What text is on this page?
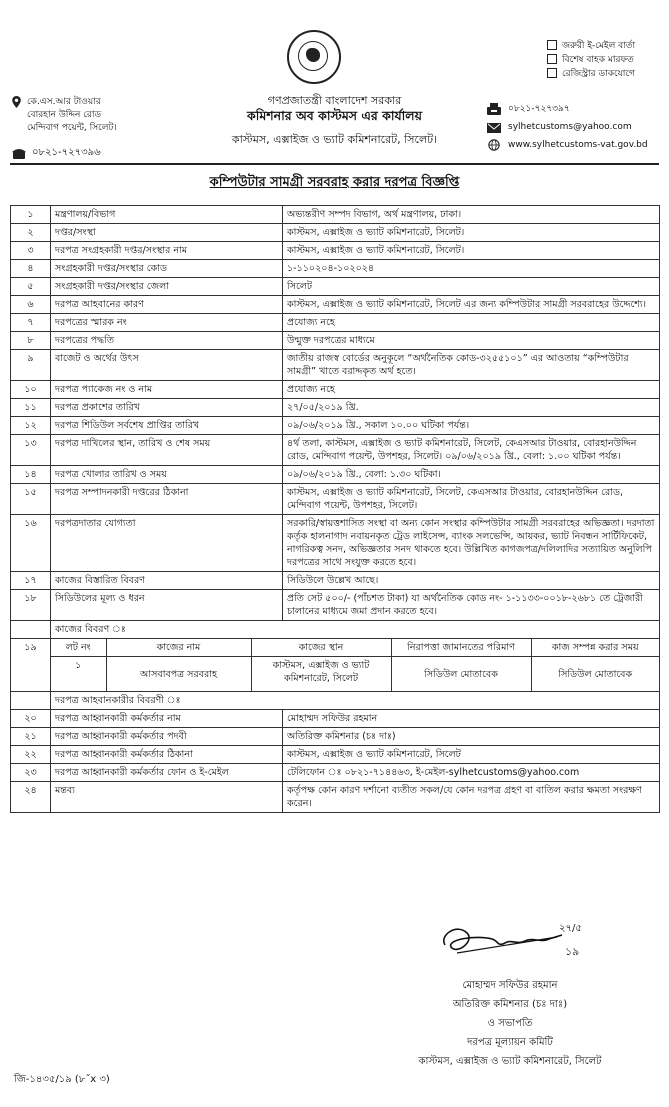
জরুরী ই-মেইল বার্তা
বিশেষ বাহক মারফত
রেজিস্ট্রার ডাকযোগে
গণপ্রজাতন্ত্রী বাংলাদেশ সরকার
কমিশনার অব কাস্টমস এর কার্যালয়
কাস্টমস, এক্সাইজ ও ভ্যাট কমিশনারেট, সিলেট।
কে.এস.আর টাওয়ার
বোরহান উদ্দিন রোড
মেন্দিবাগ পয়েন্ট, সিলেট।
০৮২১-৭২৭৩৯৬
০৮২১-৭২৭৩৯৭
sylhetcustoms@yahoo.com
www.sylhetcustoms-vat.gov.bd
কম্পিউটার সামগ্রী সরবরাহ করার দরপত্র বিজ্ঞপ্তি
১	মন্ত্রণালয়/বিভাগ	অভ্যন্তরীণ সম্পদ বিভাগ, অর্থ মন্ত্রণালয়, ঢাকা।
২	দপ্তর/সংস্থা	কাস্টমস, এক্সাইজ ও ভ্যাট কমিশনারেট, সিলেট।
৩	দরপত্র সংগ্রহকারী দপ্তর/সংস্থার নাম	কাস্টমস, এক্সাইজ ও ভ্যাট কমিশনারেট, সিলেট।
৪	সংগ্রহকারী দপ্তর/সংস্থার কোড	১-১১০২০৪-১০২০২৪
৫	সংগ্রহকারী দপ্তর/সংস্থার জেলা	সিলেট
৬	দরপত্র আহবানের কারণ	কাস্টমস, এক্সাইজ ও ভ্যাট কমিশনারেট, সিলেট এর জন্য কম্পিউটার সামগ্রী সরবরাহের উদ্দেশ্যে।
৭	দরপত্রের স্মারক নং	প্রযোজ্য নহে
৮	দরপত্রের পদ্ধতি	উন্মুক্ত দরপত্রের মাধ্যমে
৯	বাজেট ও অর্থের উৎস	জাতীয় রাজস্ব বোর্ডের অনুকূলে “অর্থনৈতিক কোড-৩২৫৫১০১” এর আওতায় “কম্পিউটার সামগ্রী” খাতে বরাদ্দকৃত অর্থ হতে।
১০	দরপত্র প্যাকেজ নং ও নাম	প্রযোজ্য নহে
১১	দরপত্র প্রকাশের তারিখ	২৭/০৫/২০১৯ খ্রি.
১২	দরপত্র শিডিউল সর্বশেষ প্রাপ্তির তারিখ	০৯/০৬/২০১৯ খ্রি., সকাল ১০.০০ ঘটিকা পর্যন্ত।
১৩	দরপত্র দাখিলের স্থান, তারিখ ও শেষ সময়	৪র্থ তলা, কাস্টমস, এক্সাইজ ও ভ্যাট কমিশনারেট, সিলেট, কেএসআর টাওয়ার, বোরহানউদ্দিন রোড, মেন্দিবাগ পয়েন্ট, উপশহর, সিলেট। ০৯/০৬/২০১৯ খ্রি., বেলা: ১.০০ ঘটিকা পর্যন্ত।
১৪	দরপত্র খোলার তারিখ ও সময়	০৯/০৬/২০১৯ খ্রি., বেলা: ১.৩০ ঘটিকা।
১৫	দরপত্র সম্পাদনকারী দপ্তরের ঠিকানা	কাস্টমস, এক্সাইজ ও ভ্যাট কমিশনারেট, সিলেট, কেএসআর টাওয়ার, বোরহানউদ্দিন রোড, মেন্দিবাগ পয়েন্ট, উপশহর, সিলেট।
১৬	দরপত্রদাতার যোগ্যতা	সরকারি/স্বায়ত্তশাসিত সংস্থা বা অন্য কোন সংস্থার কম্পিউটার সামগ্রী সরবরাহের অভিজ্ঞতা। দরদাতা কর্তৃক হালনাগাদ নবায়নকৃত ট্রেড লাইসেন্স, ব্যাংক সলভেন্সি, আয়কর, ভ্যাট নিবন্ধন সার্টিফিকেট, নাগরিকত্ব সনদ, অভিজ্ঞতার সনদ থাকতে হবে। উল্লিখিত কাগজপত্র/দলিলাদির সত্যায়িত অনুলিপি দরপত্রের সাথে সংযুক্ত করতে হবে।
১৭	কাজের বিস্তারিত বিবরণ	সিডিউলে উল্লেখ আছে।
১৮	সিডিউলের মূল্য ও ধরন	প্রতি সেট ৫০০/- (পাঁচশত টাকা) যা অর্থনৈতিক কোড নং- ১-১১৩৩-০০১৮-২৬৮১ তে ট্রেজারী চালানের মাধ্যমে জমা প্রদান করতে হবে।
	কাজের বিবরণ ঃ
১৯		লট নং	কাজের নাম	কাজের স্থান	নিরাপত্তা জামানতের পরিমাণ	কাজ সম্পন্ন করার সময়
১	আসবাবপত্র সরবরাহ	কাস্টমস, এক্সাইজ ও ভ্যাট কমিশনারেট, সিলেট	সিডিউল মোতাবেক	সিডিউল মোতাবেক

	দরপত্র আহবানকারীর বিবরণী ঃ
২০	দরপত্র আহ্বানকারী কর্মকর্তার নাম	মোহাম্মদ সফিউর রহমান
২১	দরপত্র আহ্বানকারী কর্মকর্তার পদবী	অতিরিক্ত কমিশনার (চঃ দাঃ)
২২	দরপত্র আহ্বানকারী কর্মকর্তার ঠিকানা	কাস্টমস, এক্সাইজ ও ভ্যাট কমিশনারেট, সিলেট
২৩	দরপত্র আহ্বানকারী কর্মকর্তার ফোন ও ই-মেইল	টেলিফোন ঃ ০৮২১-৭১৪৪৬৩, ই-মেইল-sylhetcustoms@yahoo.com
২৪	মন্তব্য	কর্তৃপক্ষ কোন কারণ দর্শানো ব্যতীত সকল/যে কোন দরপত্র গ্রহণ বা বাতিল করার ক্ষমতা সংরক্ষণ করেন।
২৭/৫
১৯
মোহাম্মদ সফিউর রহমান
অতিরিক্ত কমিশনার (চঃ দাঃ)
ও সভাপতি
দরপত্র মূল্যায়ন কমিটি
কাস্টমস, এক্সাইজ ও ভ্যাট কমিশনারেট, সিলেট
জি-১৪৩৫/১৯ (৮˝x ৩)
